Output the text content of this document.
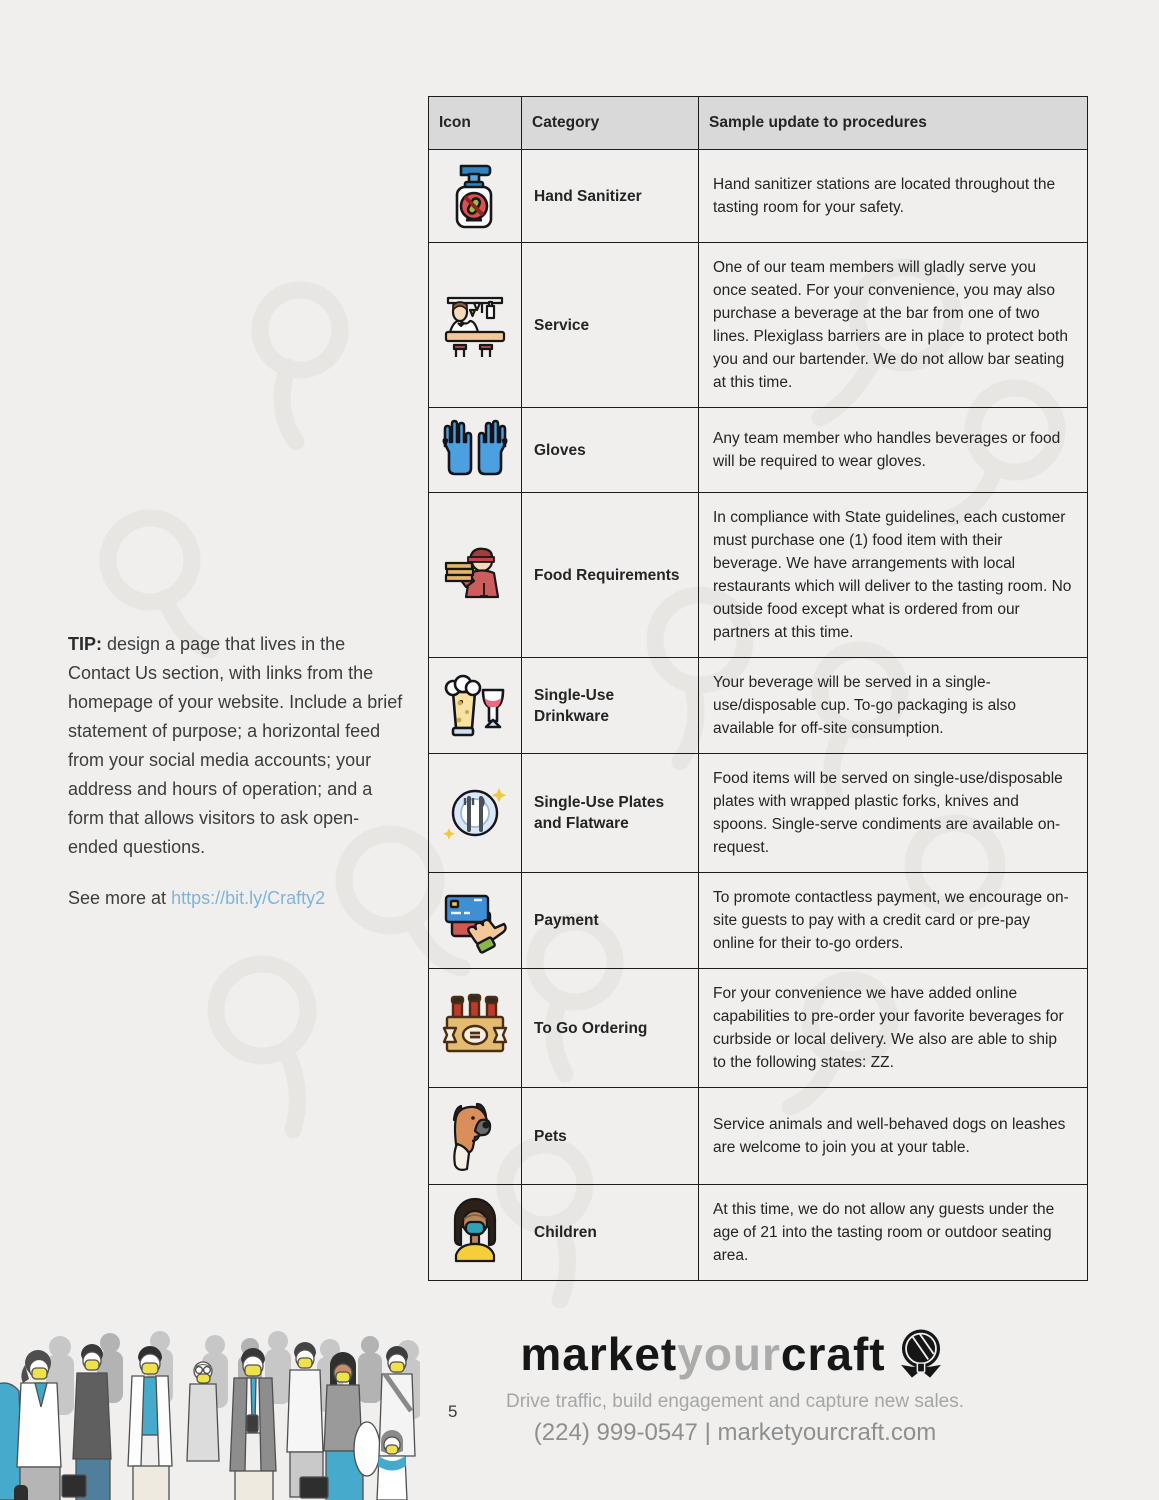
TIP: design a page that lives in the Contact Us section, with links from the homepage of your website. Include a brief statement of purpose; a horizontal feed from your social media accounts; your address and hours of operation; and a form that allows visitors to ask open-ended questions.
See more at https://bit.ly/Crafty2
Icon	Category	Sample update to procedures
	Hand Sanitizer	Hand sanitizer stations are located throughout the tasting room for your safety.
	Service	One of our team members will gladly serve you once seated. For your convenience, you may also purchase a beverage at the bar from one of two lines. Plexiglass barriers are in place to protect both you and our bartender. We do not allow bar seating at this time.
	Gloves	Any team member who handles beverages or food will be required to wear gloves.
	Food Requirements	In compliance with State guidelines, each customer must purchase one (1) food item with their beverage. We have arrangements with local restaurants which will deliver to the tasting room. No outside food except what is ordered from our partners at this time.
	Single-Use Drinkware	Your beverage will be served in a single-use/disposable cup. To-go packaging is also available for off-site consumption.
	Single-Use Plates and Flatware	Food items will be served on single-use/disposable plates with wrapped plastic forks, knives and spoons. Single-serve condiments are available on-request.
	Payment	To promote contactless payment, we encourage on-site guests to pay with a credit card or pre-pay online for their to-go orders.
	To Go Ordering	For your convenience we have added online capabilities to pre-order your favorite beverages for curbside or local delivery. We also are able to ship to the following states: ZZ.
	Pets	Service animals and well-behaved dogs on leashes are welcome to join you at your table.
	Children	At this time, we do not allow any guests under the age of 21 into the tasting room or outdoor seating area.
5
marketyourcraft
Drive traffic, build engagement and capture new sales.
(224) 999-0547 | marketyourcraft.com
